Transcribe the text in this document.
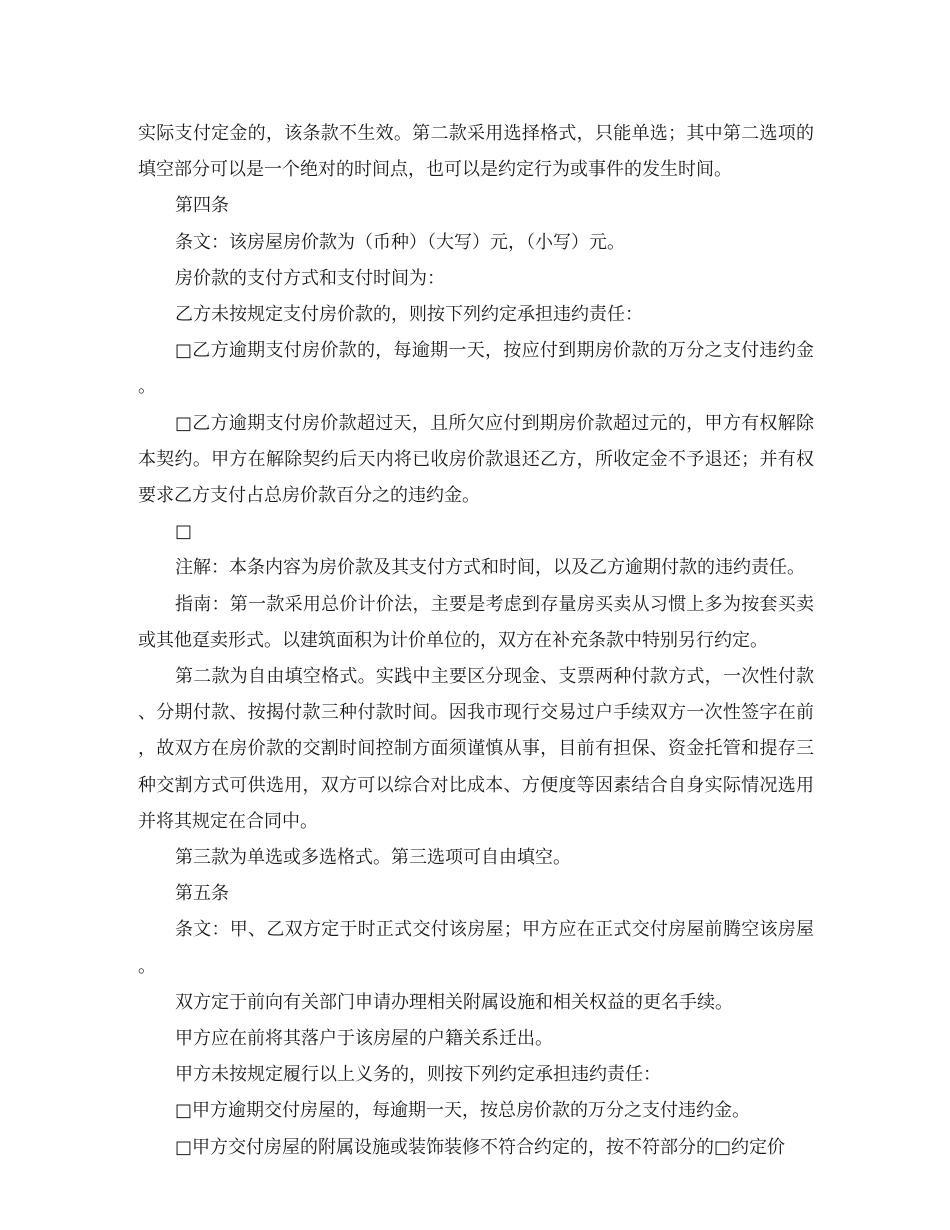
实际支付定金的，该条款不生效。第二款采用选择格式，只能单选；其中第二选项的填空部分可以是一个绝对的时间点，也可以是约定行为或事件的发生时间。

第四条

条文：该房屋房价款为（币种）（大写）元，（小写）元。

房价款的支付方式和支付时间为：

乙方未按规定支付房价款的，则按下列约定承担违约责任：

□乙方逾期支付房价款的，每逾期一天，按应付到期房价款的万分之支付违约金。

□乙方逾期支付房价款超过天，且所欠应付到期房价款超过元的，甲方有权解除本契约。甲方在解除契约后天内将已收房价款退还乙方，所收定金不予退还；并有权要求乙方支付占总房价款百分之的违约金。

□

注解：本条内容为房价款及其支付方式和时间，以及乙方逾期付款的违约责任。

指南：第一款采用总价计价法，主要是考虑到存量房买卖从习惯上多为按套买卖或其他趸卖形式。以建筑面积为计价单位的，双方在补充条款中特别另行约定。

第二款为自由填空格式。实践中主要区分现金、支票两种付款方式，一次性付款、分期付款、按揭付款三种付款时间。因我市现行交易过户手续双方一次性签字在前，故双方在房价款的交割时间控制方面须谨慎从事，目前有担保、资金托管和提存三种交割方式可供选用，双方可以综合对比成本、方便度等因素结合自身实际情况选用并将其规定在合同中。

第三款为单选或多选格式。第三选项可自由填空。

第五条

条文：甲、乙双方定于时正式交付该房屋；甲方应在正式交付房屋前腾空该房屋。

双方定于前向有关部门申请办理相关附属设施和相关权益的更名手续。

甲方应在前将其落户于该房屋的户籍关系迁出。

甲方未按规定履行以上义务的，则按下列约定承担违约责任：

□甲方逾期交付房屋的，每逾期一天，按总房价款的万分之支付违约金。

□甲方交付房屋的附属设施或装饰装修不符合约定的，按不符部分的□约定价
